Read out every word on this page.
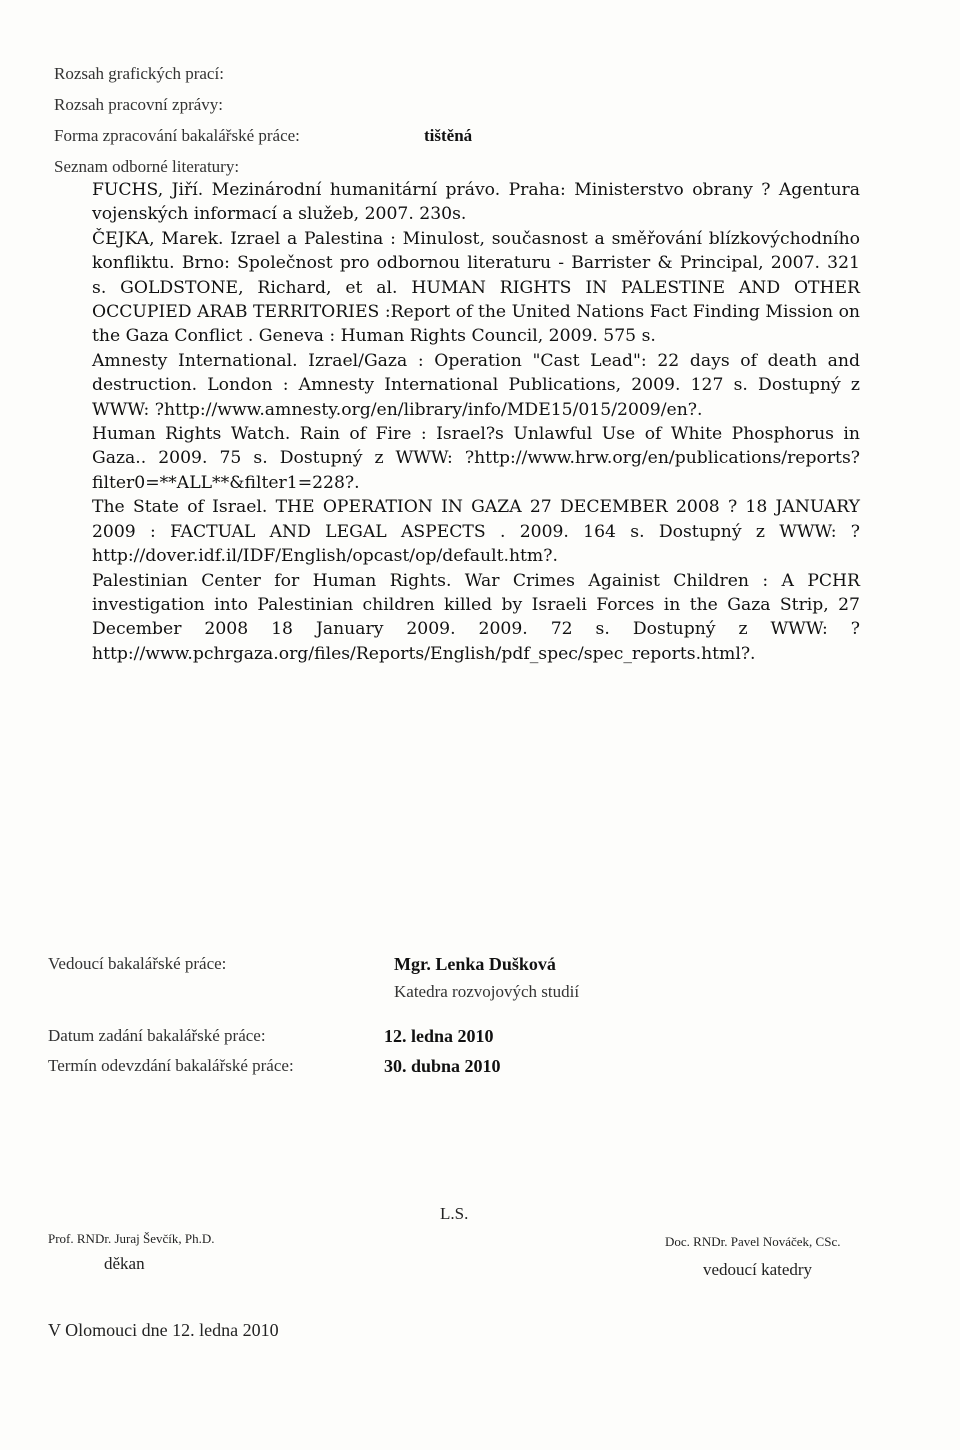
Rozsah grafických prací:
Rozsah pracovní zprávy:
Forma zpracování bakalářské práce:	tištěná
Seznam odborné literatury:

FUCHS, Jiří. Mezinárodní humanitární právo. Praha: Ministerstvo obrany ? Agentura vojenských informací a služeb, 2007. 230s.

ČEJKA, Marek. Izrael a Palestina : Minulost, současnost a směřování blízkovýchodního konfliktu. Brno: Společnost pro odbornou literaturu - Barrister & Principal, 2007. 321 s. GOLDSTONE, Richard, et al. HUMAN RIGHTS IN PALESTINE AND OTHER OCCUPIED ARAB TERRITORIES :Report of the United Nations Fact Finding Mission on the Gaza Conflict . Geneva : Human Rights Council, 2009. 575 s.

Amnesty International. Izrael/Gaza : Operation "Cast Lead": 22 days of death and destruction. London : Amnesty International Publications, 2009. 127 s. Dostupný z WWW: ?http://www.amnesty.org/en/library/info/MDE15/015/2009/en?.

Human Rights Watch. Rain of Fire : Israel?s Unlawful Use of White Phosphorus in Gaza.. 2009. 75 s. Dostupný z WWW: ?http://www.hrw.org/en/publications/reports?filter0=**ALL**&filter1=228?.

The State of Israel. THE OPERATION IN GAZA 27 DECEMBER 2008 ? 18 JANUARY 2009 : FACTUAL AND LEGAL ASPECTS . 2009. 164 s. Dostupný z WWW: ?http://dover.idf.il/IDF/English/opcast/op/default.htm?.

Palestinian Center for Human Rights. War Crimes Againist Children : A PCHR investigation into Palestinian children killed by Israeli Forces in the Gaza Strip, 27 December 2008 18 January 2009. 2009. 72 s. Dostupný z WWW: ?http://www.pchrgaza.org/files/Reports/English/pdf_spec/spec_reports.html?.

Vedoucí bakalářské práce:	Mgr. Lenka Dušková
Katedra rozvojových studií
Datum zadání bakalářské práce:	12. ledna 2010
Termín odevzdání bakalářské práce:	30. dubna 2010
L.S.
Prof. RNDr. Juraj Ševčík, Ph.D.
děkan
Doc. RNDr. Pavel Nováček, CSc.
vedoucí katedry
V Olomouci dne 12. ledna 2010
